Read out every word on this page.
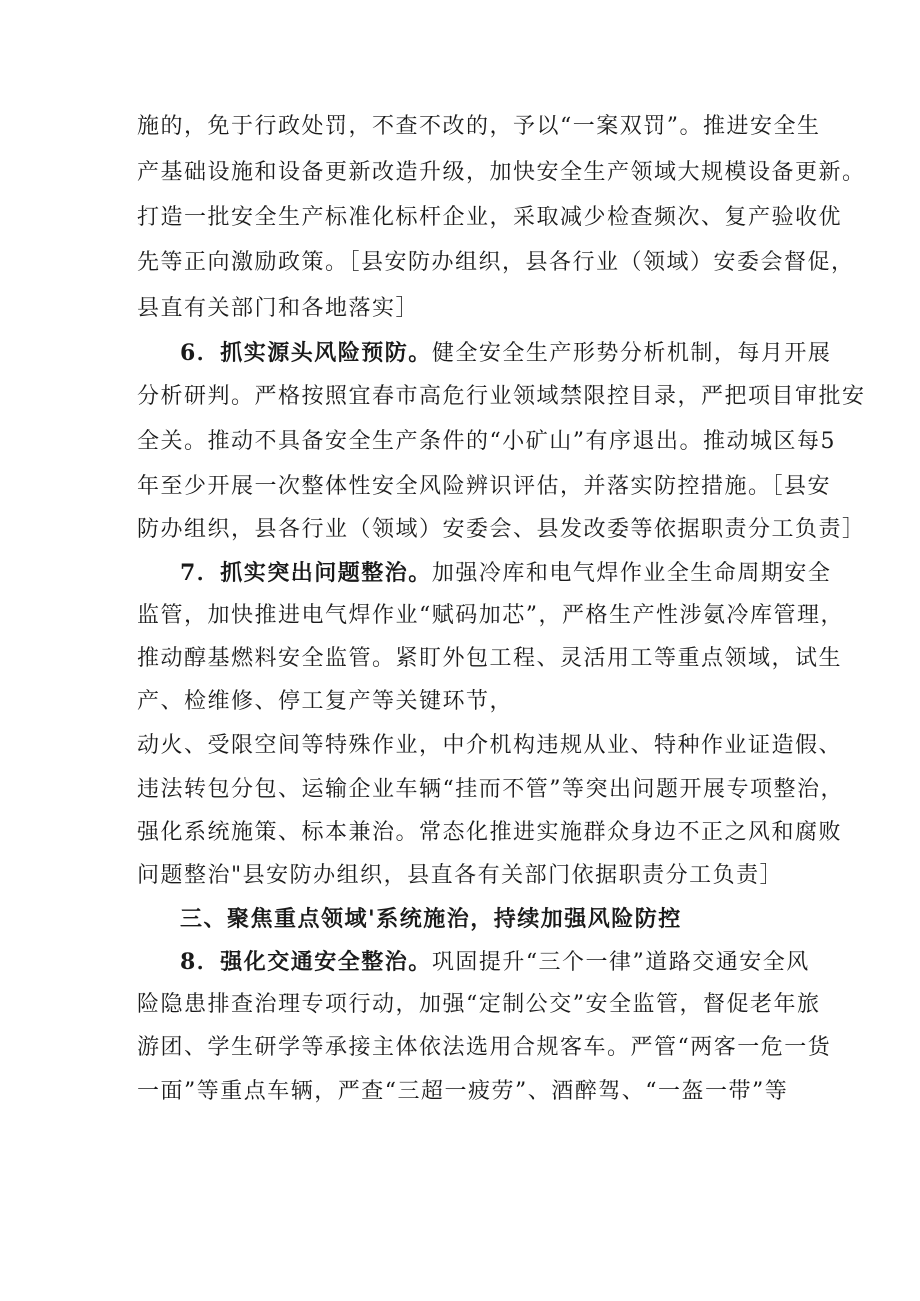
施的，免于行政处罚，不查不改的，予以“一案双罚”。推进安全生
产基础设施和设备更新改造升级，加快安全生产领域大规模设备更新。
打造一批安全生产标准化标杆企业，采取减少检查频次、复产验收优
先等正向激励政策。［县安防办组织，县各行业（领域）安委会督促，
县直有关部门和各地落实］
6．抓实源头风险预防。健全安全生产形势分析机制，每月开展
分析研判。严格按照宜春市高危行业领域禁限控目录，严把项目审批安
全关。推动不具备安全生产条件的“小矿山”有序退出。推动城区每5
年至少开展一次整体性安全风险辨识评估，并落实防控措施。［县安
防办组织，县各行业（领域）安委会、县发改委等依据职责分工负责］
7．抓实突出问题整治。加强冷库和电气焊作业全生命周期安全
监管，加快推进电气焊作业“赋码加芯”，严格生产性涉氨冷库管理，
推动醇基燃料安全监管。紧盯外包工程、灵活用工等重点领域，试生
产、检维修、停工复产等关键环节，
动火、受限空间等特殊作业，中介机构违规从业、特种作业证造假、
违法转包分包、运输企业车辆“挂而不管”等突出问题开展专项整治，
强化系统施策、标本兼治。常态化推进实施群众身边不正之风和腐败
问题整治"县安防办组织，县直各有关部门依据职责分工负责］
三、聚焦重点领域'系统施治，持续加强风险防控
8．强化交通安全整治。巩固提升“三个一律”道路交通安全风
险隐患排查治理专项行动，加强“定制公交”安全监管，督促老年旅
游团、学生研学等承接主体依法选用合规客车。严管“两客一危一货
一面”等重点车辆，严查“三超一疲劳”、酒醉驾、“一盔一带”等
